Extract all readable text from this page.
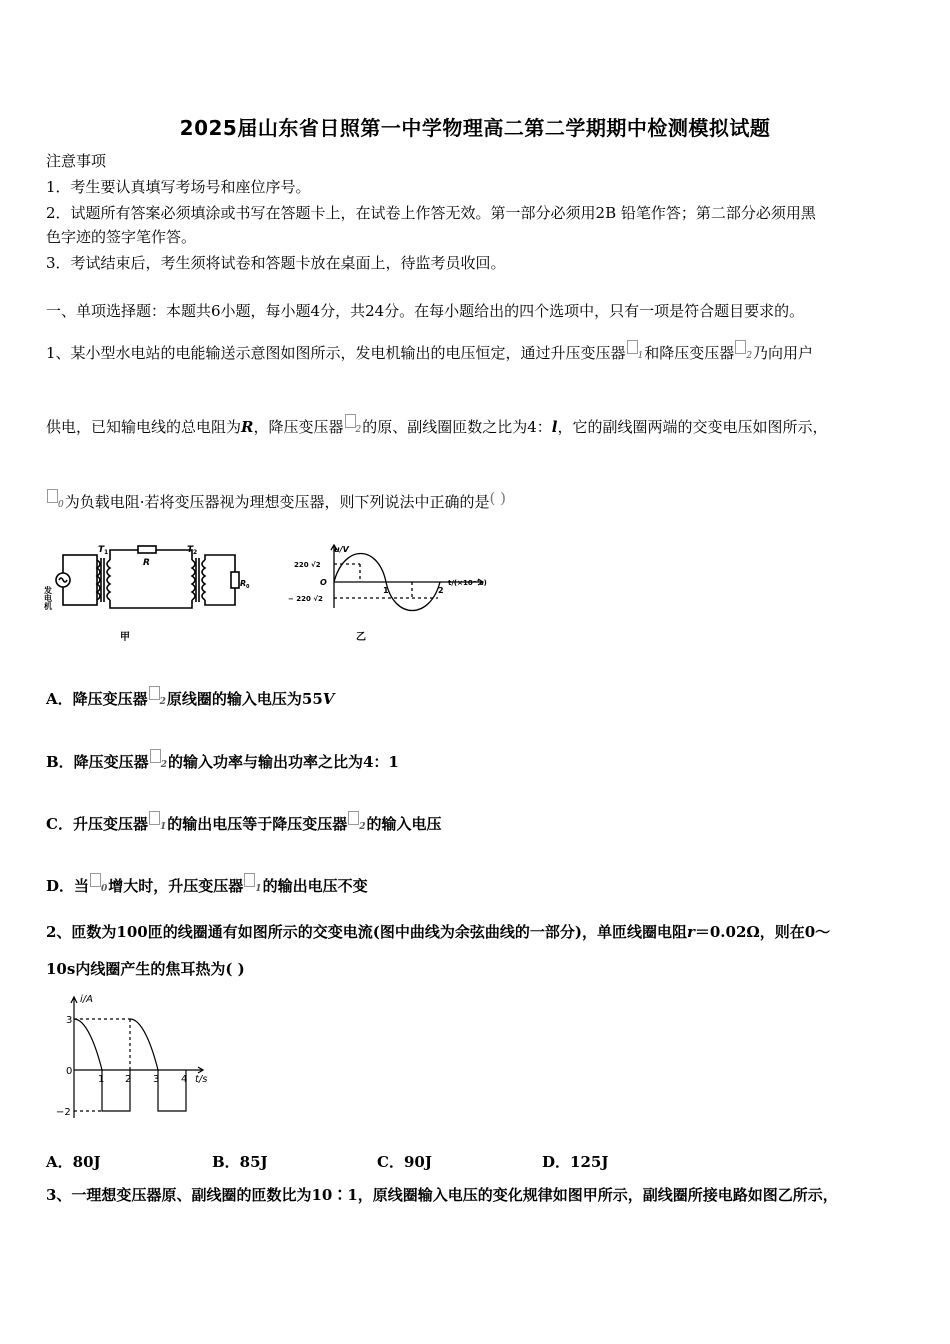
2025届山东省日照第一中学物理高二第二学期期中检测模拟试题
注意事项
1．考生要认真填写考场号和座位序号。
2．试题所有答案必须填涂或书写在答题卡上，在试卷上作答无效。第一部分必须用2B 铅笔作答；第二部分必须用黑
色字迹的签字笔作答。
3．考试结束后，考生须将试卷和答题卡放在桌面上，待监考员收回。
一、单项选择题：本题共6小题，每小题4分，共24分。在每小题给出的四个选项中，只有一项是符合题目要求的。
1、某小型水电站的电能输送示意图如图所示，发电机输出的电压恒定，通过升压变压器 1和降压变压器 2乃向用户
供电，已知输电线的总电阻为R，降压变压器 2的原、副线圈匝数之比为4：l，它的副线圈两端的交变电压如图所示，
0为负载电阻·若将变压器视为理想变压器，则下列说法中正确的是( )
发电机
T 1
R
T 2
R 0
甲
u/V
220 √2
O
− 220 √2
1	2
t/(×10⁻²s)
乙
A．降压变压器 2原线圈的输入电压为55V
B．降压变压器 2的输入功率与输出功率之比为4：1
C．升压变压器 1的输出电压等于降压变压器 2的输入电压
D．当 0增大时，升压变压器 1的输出电压不变
2、匝数为100匝的线圈通有如图所示的交变电流(图中曲线为余弦曲线的一部分)，单匝线圈电阻r＝0.02Ω，则在0～
10s内线圈产生的焦耳热为( )
i/A
3
0
−2
1 2 3 4 t/s
A．80J	B．85J	C．90J	D．125J
3、一理想变压器原、副线圈的匝数比为10∶1，原线圈输入电压的变化规律如图甲所示，副线圈所接电路如图乙所示，
